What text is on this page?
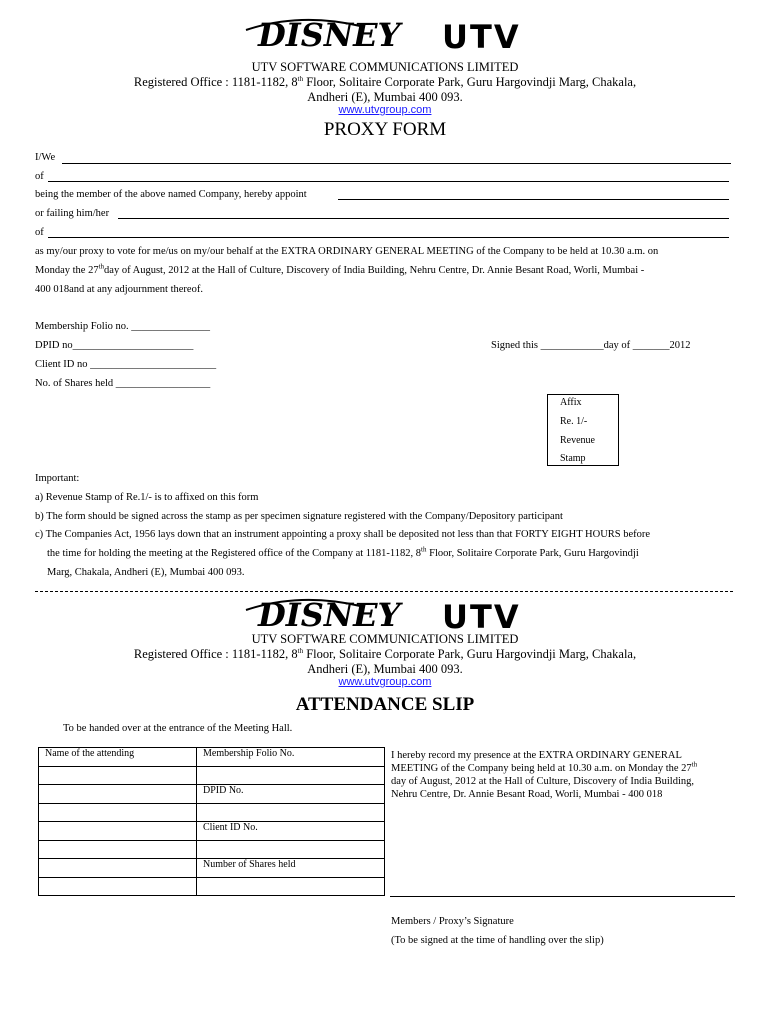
DISNEY UTV
UTV SOFTWARE COMMUNICATIONS LIMITED
Registered Office : 1181-1182, 8th Floor, Solitaire Corporate Park, Guru Hargovindji Marg, Chakala,
Andheri (E), Mumbai 400 093.
www.utvgroup.com
PROXY FORM
I/We
of
being the member of the above named Company, hereby appoint
or failing him/her
of
as my/our proxy to vote for me/us on my/our behalf at the EXTRA ORDINARY GENERAL MEETING of the Company to be held at 10.30 a.m. on
Monday the 27thday of August, 2012 at the Hall of Culture, Discovery of India Building, Nehru Centre, Dr. Annie Besant Road, Worli, Mumbai -
400 018and at any adjournment thereof.
Membership Folio no. _______________
DPID no_______________________	Signed this ____________day of _______2012
Client ID no ________________________
No. of Shares held __________________
Affix
Re. 1/-
Revenue
Stamp
Important:
a) Revenue Stamp of Re.1/- is to affixed on this form
b) The form should be signed across the stamp as per specimen signature registered with the Company/Depository participant
c) The Companies Act, 1956 lays down that an instrument appointing a proxy shall be deposited not less than that FORTY EIGHT HOURS before
the time for holding the meeting at the Registered office of the Company at 1181-1182, 8th Floor, Solitaire Corporate Park, Guru Hargovindji
Marg, Chakala, Andheri (E), Mumbai 400 093.
DISNEY UTV
UTV SOFTWARE COMMUNICATIONS LIMITED
Registered Office : 1181-1182, 8th Floor, Solitaire Corporate Park, Guru Hargovindji Marg, Chakala,
Andheri (E), Mumbai 400 093.
www.utvgroup.com
ATTENDANCE SLIP
To be handed over at the entrance of the Meeting Hall.
Name of the attending	Membership Folio No.

	DPID No.

	Client ID No.

	Number of Shares held

I hereby record my presence at the EXTRA ORDINARY GENERAL
MEETING of the Company being held at 10.30 a.m. on Monday the 27th
day of August, 2012 at the Hall of Culture, Discovery of India Building,
Nehru Centre, Dr. Annie Besant Road, Worli, Mumbai - 400 018
Members / Proxy’s Signature
(To be signed at the time of handling over the slip)
